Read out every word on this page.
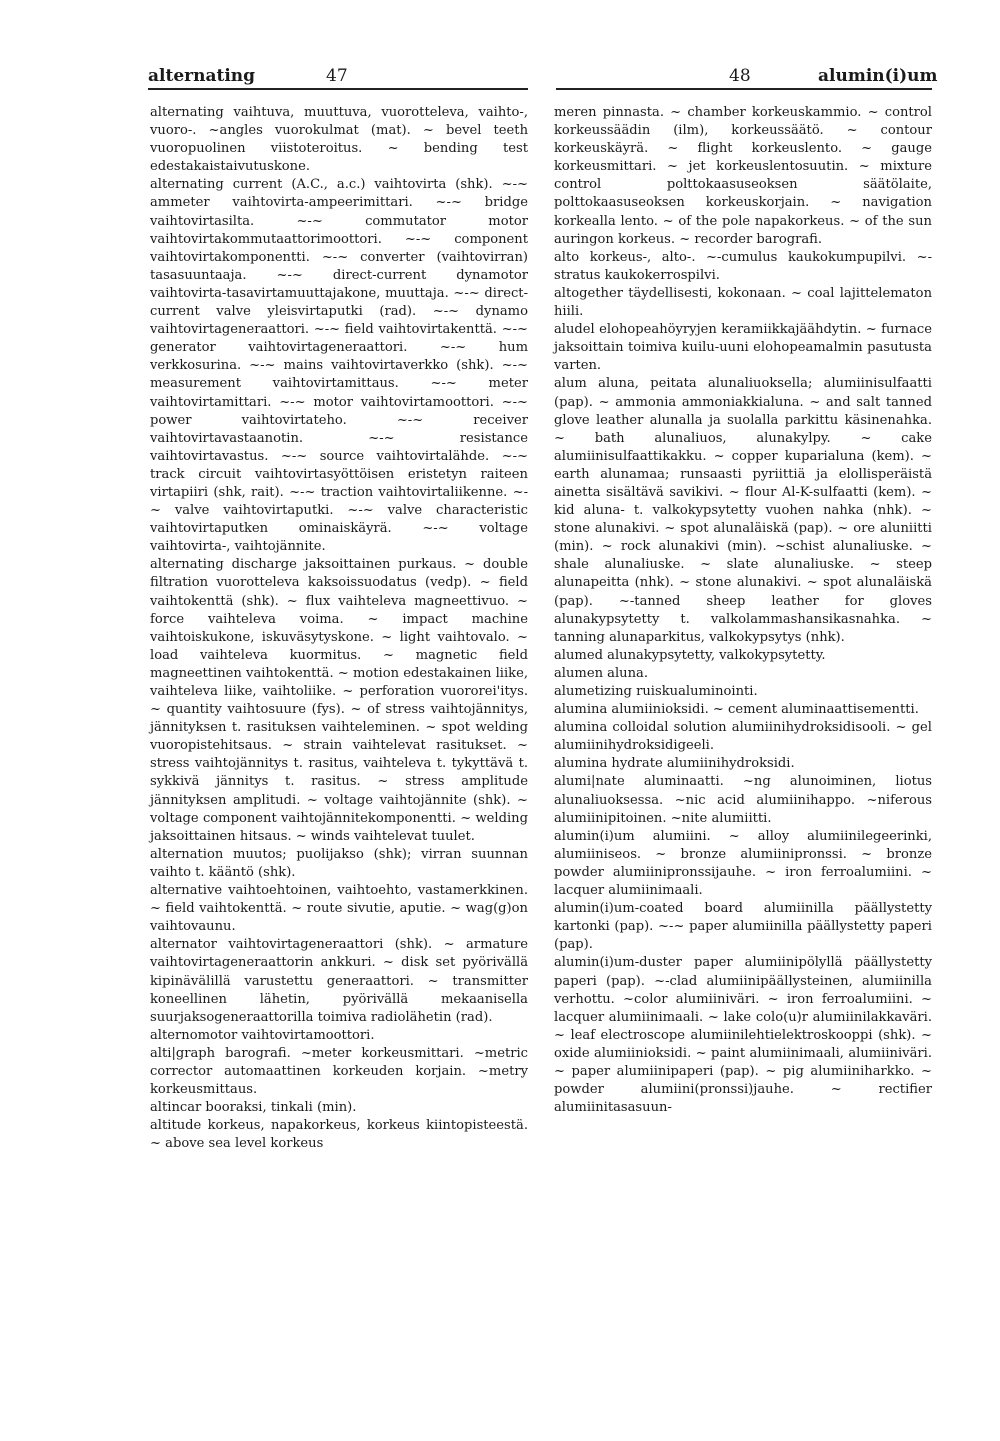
alternating	47	48	alumin(i)um
alternating vaihtuva, muuttuva, vuorotteleva, vaihto-, vuoro-. ~angles vuorokulmat (mat). ~ bevel teeth vuoropuolinen viistoteroitus. ~ bending test edestakaistaivutuskone.
alternating current (A.C., a.c.) vaihtovirta (shk). ~-~ ammeter vaihtovirta-ampeerimittari. ~-~ bridge vaihtovirtasilta. ~-~ commutator motor vaihtovirtakommutaattorimoottori. ~-~ component vaihtovirtakomponentti. ~-~ converter (vaihtovirran) tasasuuntaaja. ~-~ direct-current dynamotor vaihtovirta-tasavirtamuuttajakone, muuttaja. ~-~ direct-current valve yleisvirtaputki (rad). ~-~ dynamo vaihtovirtageneraattori. ~-~ field vaihtovirtakenttä. ~-~ generator vaihtovirtageneraattori. ~-~ hum verkkosurina. ~-~ mains vaihtovirtaverkko (shk). ~-~ measurement vaihtovirtamittaus. ~-~ meter vaihtovirtamittari. ~-~ motor vaihtovirtamoottori. ~-~ power vaihtovirtateho. ~-~ receiver vaihtovirtavastaanotin. ~-~ resistance vaihtovirtavastus. ~-~ source vaihtovirtalähde. ~-~ track circuit vaihtovirtasyöttöisen eristetyn raiteen virtapiiri (shk, rait). ~-~ traction vaihtovirtaliikenne. ~-~ valve vaihtovirtaputki. ~-~ valve characteristic vaihtovirtaputken ominaiskäyrä. ~-~ voltage vaihtovirta-, vaihtojännite.
alternating discharge jaksoittainen purkaus. ~ double filtration vuorotteleva kaksoissuodatus (vedp). ~ field vaihtokenttä (shk). ~ flux vaihteleva magneettivuo. ~ force vaihteleva voima. ~ impact machine vaihtoiskukone, iskuväsytyskone. ~ light vaihtovalo. ~ load vaihteleva kuormitus. ~ magnetic field magneettinen vaihtokenttä. ~ motion edestakainen liike, vaihteleva liike, vaihtoliike. ~ perforation vuororei'itys. ~ quantity vaihtosuure (fys). ~ of stress vaihtojännitys, jännityksen t. rasituksen vaihteleminen. ~ spot welding vuoropistehitsaus. ~ strain vaihtelevat rasitukset. ~ stress vaihtojännitys t. rasitus, vaihteleva t. tykyttävä t. sykkivä jännitys t. rasitus. ~ stress amplitude jännityksen amplitudi. ~ voltage vaihtojännite (shk). ~ voltage component vaihtojännitekomponentti. ~ welding jaksoittainen hitsaus. ~ winds vaihtelevat tuulet.
alternation muutos; puolijakso (shk); virran suunnan vaihto t. kääntö (shk).
alternative vaihtoehtoinen, vaihtoehto, vastamerkkinen. ~ field vaihtokenttä. ~ route sivutie, aputie. ~ wag(g)on vaihtovaunu.
alternator vaihtovirtageneraattori (shk). ~ armature vaihtovirtageneraattorin ankkuri. ~ disk set pyörivällä kipinävälillä varustettu generaattori. ~ transmitter koneellinen lähetin, pyörivällä mekaanisella suurjaksogeneraattorilla toimiva radiolähetin (rad).
alternomotor vaihtovirtamoottori.
alti|graph barografi. ~meter korkeusmittari. ~metric corrector automaattinen korkeuden korjain. ~metry korkeusmittaus.
altincar booraksi, tinkali (min).
altitude korkeus, napakorkeus, korkeus kiintopisteestä. ~ above sea level korkeus
meren pinnasta. ~ chamber korkeuskammio. ~ control korkeussäädin (ilm), korkeussäätö. ~ contour korkeuskäyrä. ~ flight korkeuslento. ~ gauge korkeusmittari. ~ jet korkeuslentosuutin. ~ mixture control polttokaasuseoksen säätölaite, polttokaasuseoksen korkeuskorjain. ~ navigation korkealla lento. ~ of the pole napakorkeus. ~ of the sun auringon korkeus. ~ recorder barografi.
alto korkeus-, alto-. ~-cumulus kaukokumpupilvi. ~-stratus kaukokerrospilvi.
altogether täydellisesti, kokonaan. ~ coal lajittelematon hiili.
aludel elohopeahöyryjen keramiikkajäähdytin. ~ furnace jaksoittain toimiva kuilu-uuni elohopeamalmin pasutusta varten.
alum aluna, peitata alunaliuoksella; alumiinisulfaatti (pap). ~ ammonia ammoniakkialuna. ~ and salt tanned glove leather alunalla ja suolalla parkittu käsinenahka. ~ bath alunaliuos, alunakylpy. ~ cake alumiinisulfaattikakku. ~ copper kuparialuna (kem). ~ earth alunamaa; runsaasti pyriittiä ja elollisperäistä ainetta sisältävä savikivi. ~ flour Al-K-sulfaatti (kem). ~ kid aluna- t. valkokypsytetty vuohen nahka (nhk). ~ stone alunakivi. ~ spot alunaläiskä (pap). ~ ore aluniitti (min). ~ rock alunakivi (min). ~schist alunaliuske. ~ shale alunaliuske. ~ slate alunaliuske. ~ steep alunapeitta (nhk). ~ stone alunakivi. ~ spot alunaläiskä (pap). ~-tanned sheep leather for gloves alunakypsytetty t. valkolammashansikasnahka. ~ tanning alunaparkitus, valkokypsytys (nhk).
alumed alunakypsytetty, valkokypsytetty.
alumen aluna.
alumetizing ruiskualuminointi.
alumina alumiinioksidi. ~ cement aluminaattisementti.
alumina colloidal solution alumiinihydroksidisooli. ~ gel alumiinihydroksidigeeli.
alumina hydrate alumiinihydroksidi.
alumi|nate aluminaatti. ~ng alunoiminen, liotus alunaliuoksessa. ~nic acid alumiinihappo. ~niferous alumiinipitoinen. ~nite alumiitti.
alumin(i)um alumiini. ~ alloy alumiinilegeerinki, alumiiniseos. ~ bronze alumiinipronssi. ~ bronze powder alumiinipronssijauhe. ~ iron ferroalumiini. ~ lacquer alumiinimaali.
alumin(i)um-coated board alumiinilla päällystetty kartonki (pap). ~-~ paper alumiinilla päällystetty paperi (pap).
alumin(i)um-duster paper alumiinipölyllä päällystetty paperi (pap). ~-clad alumiinipäällysteinen, alumiinilla verhottu. ~color alumiiniväri. ~ iron ferroalumiini. ~ lacquer alumiinimaali. ~ lake colo(u)r alumiinilakkaväri. ~ leaf electroscope alumiinilehtielektroskooppi (shk). ~ oxide alumiinioksidi. ~ paint alumiinimaali, alumiiniväri. ~ paper alumiinipaperi (pap). ~ pig alumiiniharkko. ~ powder alumiini(pronssi)jauhe. ~ rectifier alumiinitasasuun-
